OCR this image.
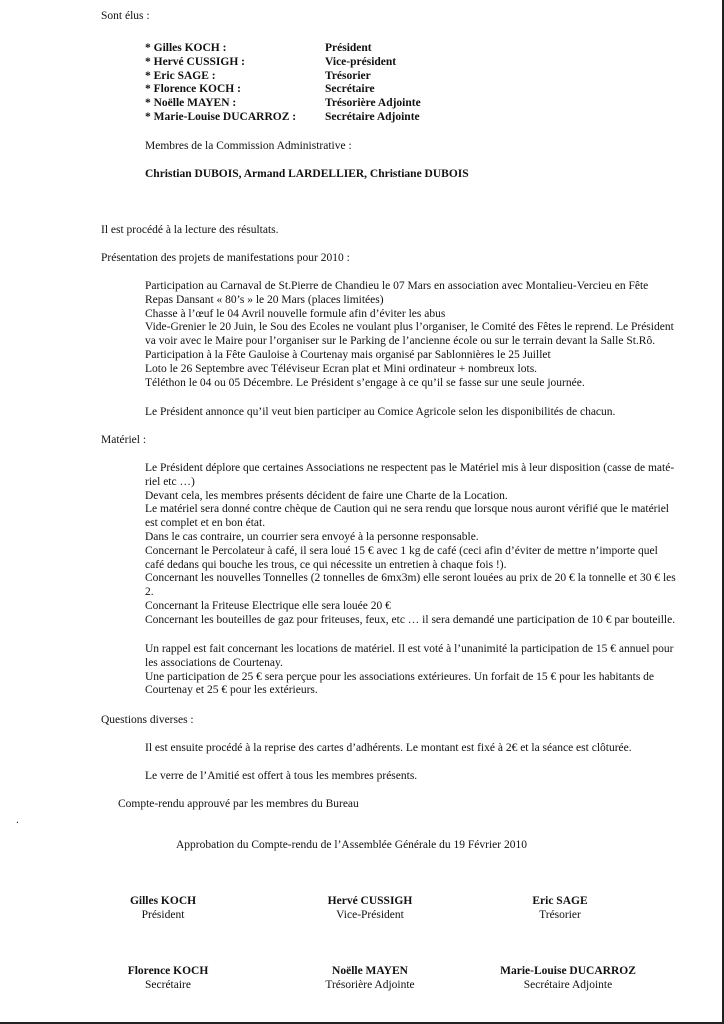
Sont élus :
* Gilles KOCH :	Président
* Hervé CUSSIGH :	Vice-président
* Eric SAGE :	Trésorier
* Florence KOCH :	Secrétaire
* Noëlle MAYEN :	Trésorière Adjointe
* Marie-Louise DUCARROZ :	Secrétaire Adjointe
Membres de la Commission Administrative :
Christian DUBOIS, Armand LARDELLIER, Christiane DUBOIS
Il est procédé à la lecture des résultats.
Présentation des projets de manifestations pour 2010 :
Participation au Carnaval de St.Pierre de Chandieu le 07 Mars en association avec Montalieu-Vercieu en Fête
Repas Dansant « 80’s » le 20 Mars (places limitées)
Chasse à l’œuf le 04 Avril nouvelle formule afin d’éviter les abus
Vide-Grenier le 20 Juin, le Sou des Ecoles ne voulant plus l’organiser, le Comité des Fêtes le reprend. Le Président
va voir avec le Maire pour l’organiser sur le Parking de l’ancienne école ou sur le terrain devant la Salle St.Rô.
Participation à la Fête Gauloise à Courtenay mais organisé par Sablonnières le 25 Juillet
Loto le 26 Septembre avec Téléviseur Ecran plat et Mini ordinateur + nombreux lots.
Téléthon le 04 ou 05 Décembre. Le Président s’engage à ce qu’il se fasse sur une seule journée.
Le Président annonce qu’il veut bien participer au Comice Agricole selon les disponibilités de chacun.
Matériel :
Le Président déplore que certaines Associations ne respectent pas le Matériel mis à leur disposition (casse de maté-
riel etc …)
Devant cela, les membres présents décident de faire une Charte de la Location.
Le matériel sera donné contre chèque de Caution qui ne sera rendu que lorsque nous auront vérifié que le matériel
est complet et en bon état.
Dans le cas contraire, un courrier sera envoyé à la personne responsable.
Concernant le Percolateur à café, il sera loué 15 € avec 1 kg de café (ceci afin d’éviter de mettre n’importe quel
café dedans qui bouche les trous, ce qui nécessite un entretien à chaque fois !).
Concernant les nouvelles Tonnelles (2 tonnelles de 6mx3m) elle seront louées au prix de 20 € la tonnelle et 30 € les
2.
Concernant la Friteuse Electrique elle sera louée 20 €
Concernant les bouteilles de gaz pour friteuses, feux, etc … il sera demandé une participation de 10 € par bouteille.
Un rappel est fait concernant les locations de matériel. Il est voté à l’unanimité la participation de 15 € annuel pour
les associations de Courtenay.
Une participation de 25 € sera perçue pour les associations extérieures. Un forfait de 15 € pour les habitants de
Courtenay et 25 € pour les extérieurs.
Questions diverses :
Il est ensuite procédé à la reprise des cartes d’adhérents. Le montant est fixé à 2€ et la séance est clôturée.
Le verre de l’Amitié est offert à tous les membres présents.
Compte-rendu approuvé par les membres du Bureau
.
Approbation du Compte-rendu de l’Assemblée Générale du 19 Février 2010
Gilles KOCH
Président
Hervé CUSSIGH
Vice-Président
Eric SAGE
Trésorier
Florence KOCH
Secrétaire
Noëlle MAYEN
Trésorière Adjointe
Marie-Louise DUCARROZ
Secrétaire Adjointe
